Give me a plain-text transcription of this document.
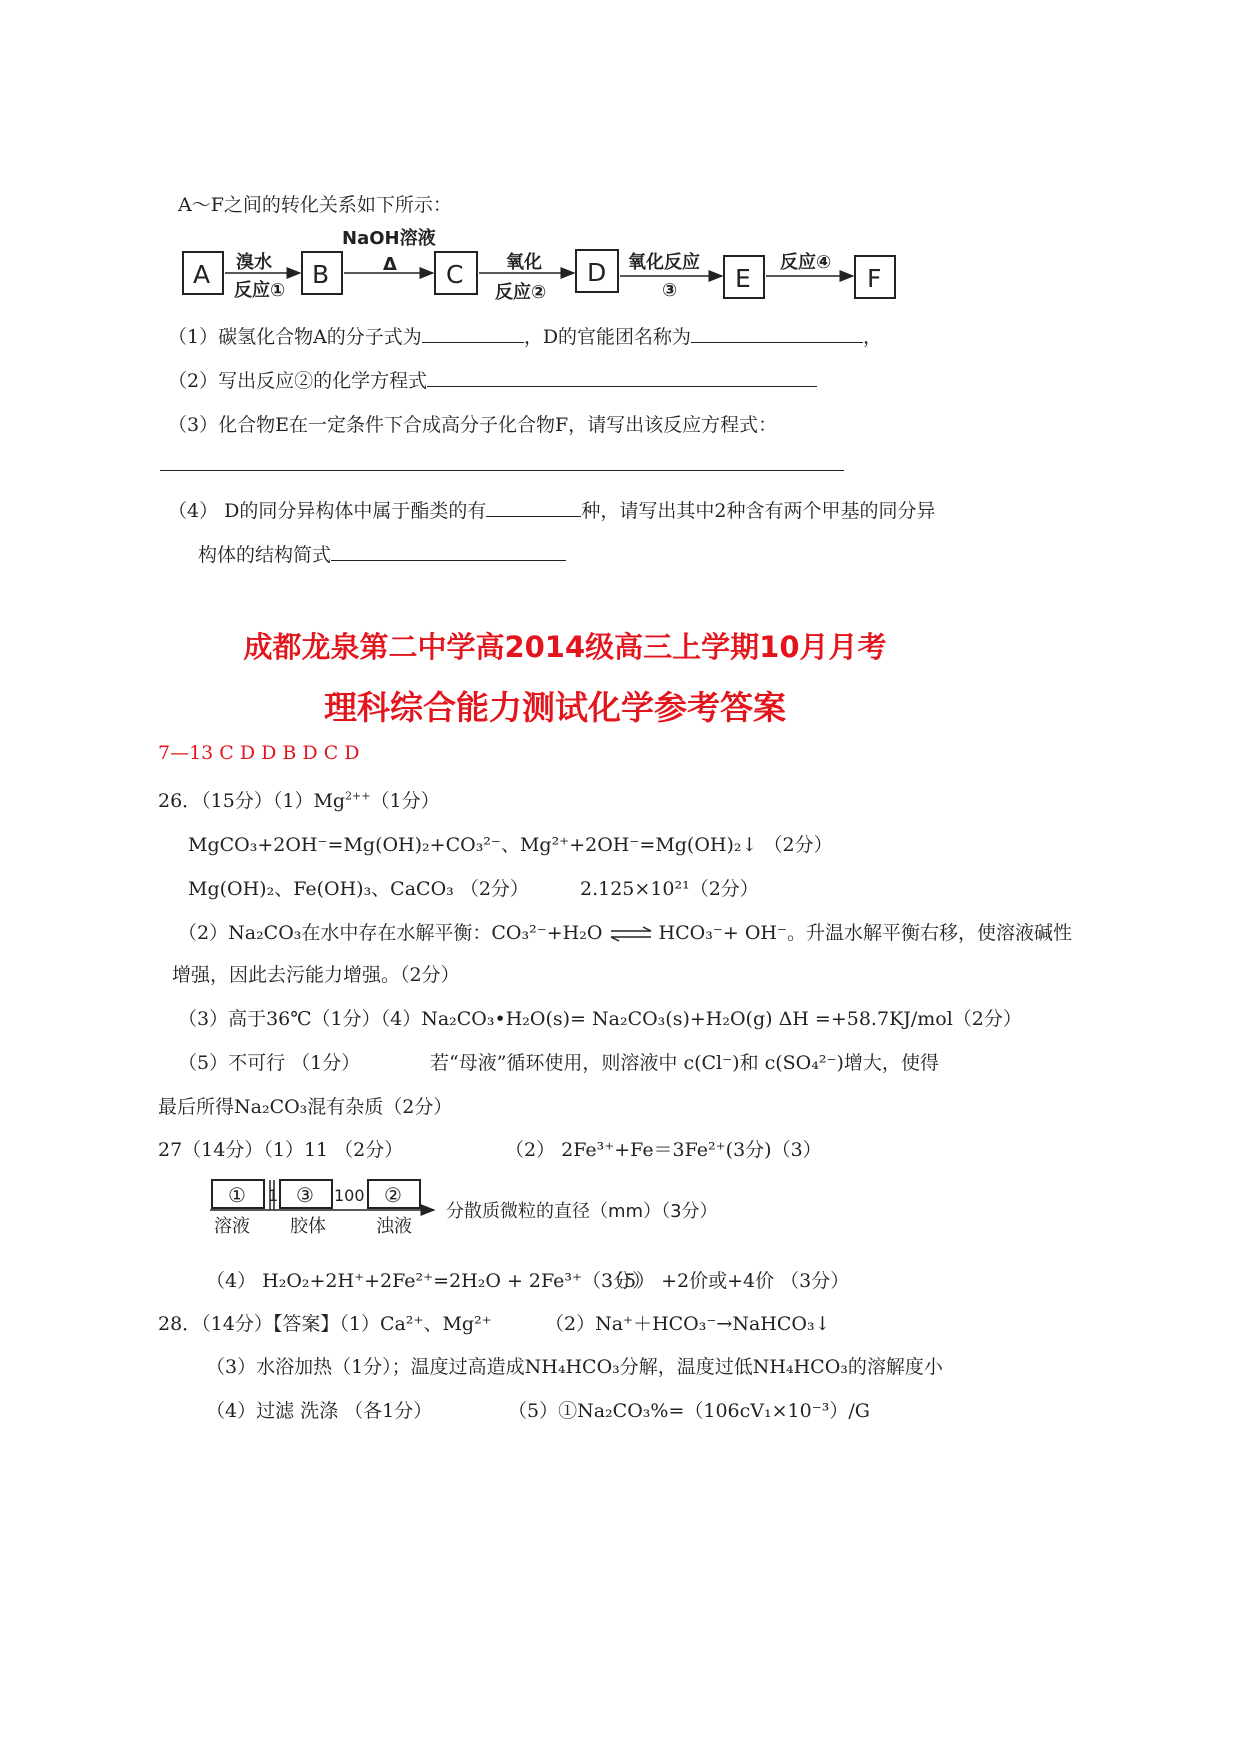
A～F之间的转化关系如下所示：
A	B	C	D	E	F
溴水
反应①
NaOH溶液
Δ	氧化
反应②
氧化反应
③
反应④
（1）碳氢化合物A的分子式为	，D的官能团名称为	，
（2）写出反应②的化学方程式
（3）化合物E在一定条件下合成高分子化合物F，请写出该反应方程式：
（4） D的同分异构体中属于酯类的有	种，请写出其中2种含有两个甲基的同分异
构体的结构简式
成都龙泉第二中学高2014级高三上学期10月月考
理科综合能力测试化学参考答案
7—13 C D D B D C D
26．（15分）$(1)Mg^{2++}(1$分）
MgCO₃+2OH⁻=Mg(OH)₂+CO₃²⁻、Mg²⁺+2OH⁻=Mg(OH)₂↓ （2分）
Mg(OH)₂、Fe(OH)₃、CaCO₃ （2分）	2.125×10²¹（2分）
（2）Na₂CO₃在水中存在水解平衡：CO₃²⁻+H₂O ⇌ HCO₃⁻+ OH⁻。升温水解平衡右移，使溶液碱性
增强，因此去污能力增强。（2分）
（3）高于36℃（1分）（4）Na₂CO₃•H₂O(s)= Na₂CO₃(s)+H₂O(g) ΔH =+58.7KJ/mol（2分）
（5）不可行 （1分）	若“母液”循环使用，则溶液中 c(Cl⁻)和 c(SO₄²⁻)增大，使得
最后所得Na₂CO₃混有杂质（2分）
27（14分）（1）11 （2分）	（2） 2Fe³⁺+Fe＝3Fe²⁺(3分)（3）
①	③	②
1	100
溶液 胶体	浊液
分散质微粒的直径（mm）（3分）
（4） H₂O₂+2H⁺+2Fe²⁺=2H₂O + 2Fe³⁺（3分）
（5） +2价或+4价 （3分）
28．（14分）【答案】（1）Ca²⁺、Mg²⁺	（2）Na⁺＋HCO₃⁻→NaHCO₃↓
（3）水浴加热（1分）；温度过高造成NH₄HCO₃分解，温度过低NH₄HCO₃的溶解度小
（4）过滤 洗涤 （各1分）	（5）①Na₂CO₃%=（106cV₁×10⁻³）/G
